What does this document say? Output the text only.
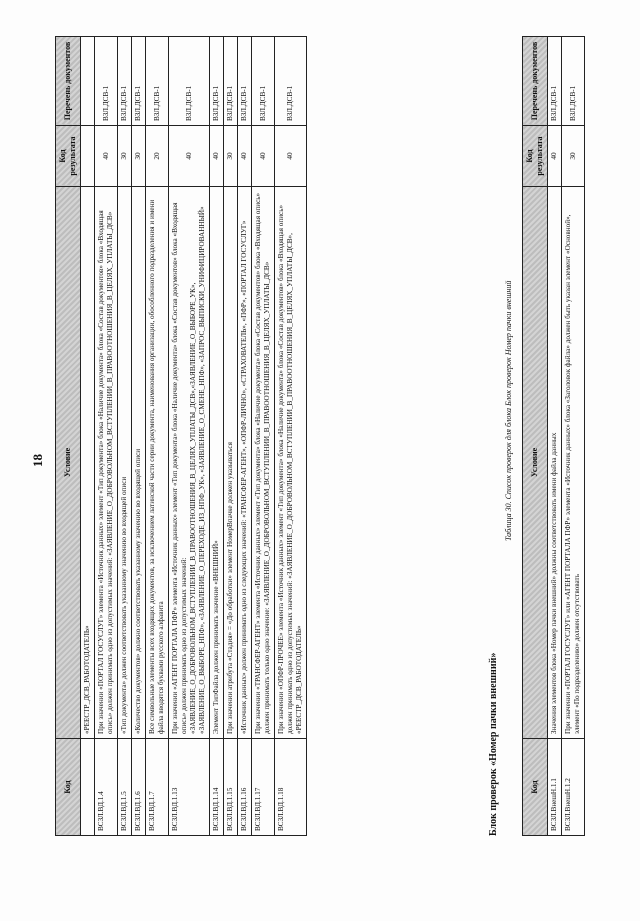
18
Код	Условие	Код результата	Перечень документов
	«РЕЕСТР_ДСВ_РАБОТОДАТЕЛЬ»		
ВСЗЛ.ВД.1.4	При значении «ПОРТАЛ ГОСУСЛУГ» элемента «Источник данных» элемент «Тип документа» блока «Наличие документа» блока «Состав документов» блока «Входящая опись» должен принимать одно из допустимых значений: «ЗАЯВЛЕНИЕ_О_ДОБРОВОЛЬНОМ_ВСТУПЛЕНИИ_В_ПРАВООТНОШЕНИЯ_В_ЦЕЛЯХ_УПЛАТЫ_ДСВ»	40	ВЗЛ.ДСВ-1
ВСЗЛ.ВД.1.5	«Тип документа» должен соответствовать указанному значению во входящей описи	30	ВЗЛ.ДСВ-1
ВСЗЛ.ВД.1.6	«Количество документов» должно соответствовать указанному значению во входящей описи	30	ВЗЛ.ДСВ-1
ВСЗЛ.ВД.1.7	Все символьные элементы всех входящих документов, за исключением латинской части серии документа, наименования организации, обособленного подразделения и имени файла вводятся буквами русского алфавита	20	ВЗЛ.ДСВ-1
ВСЗЛ.ВД.1.13	При значении «АГЕНТ ПОРТАЛА ПФР» элемента «Источник данных» элемент «Тип документа» блока «Наличие документа» блока «Состав документов» блока «Входящая опись» должен принимать одно из допустимых значений: «ЗАЯВЛЕНИЕ_О_ДОБРОВОЛЬНОМ_ВСТУПЛЕНИИ_В_ПРАВООТНОШЕНИЯ_В_ЦЕЛЯХ_УПЛАТЫ_ДСВ»,«ЗАЯВЛЕНИЕ_О_ВЫБОРЕ_УК», «ЗАЯВЛЕНИЕ_О_ВЫБОРЕ_НПФ», «ЗАЯВЛЕНИЕ_О_ПЕРЕХОДЕ_ИЗ_НПФ_УК», «ЗАЯВЛЕНИЕ_О_СМЕНЕ_НПФ», «ЗАПРОС_ВЫПИСКИ_УНИФИЦИРОВАННЫЙ»	40	ВЗЛ.ДСВ-1
ВСЗЛ.ВД.1.14	Элемент ТипФайла должен принимать значение «ВНЕШНИЙ»	40	ВЗЛ.ДСВ-1
ВСЗЛ.ВД.1.15	При значении атрибута «Стадия» = «До обработки» элемент НомерВпачке должен указываться	30	ВЗЛ.ДСВ-1
ВСЗЛ.ВД.1.16	«Источник данных» должен принимать одно из следующих значений: «ТРАНСФЕР-АГЕНТ», «ОПФР-ЛИЧНО», «СТРАХОВАТЕЛЬ», «ПФР», «ПОРТАЛ ГОСУСЛУГ»	40	ВЗЛ.ДСВ-1
ВСЗЛ.ВД.1.17	При значении «ТРАНСФЕР-АГЕНТ» элемента «Источник данных» элемент «Тип документа» блока «Наличие документа» блока «Состав документов» блока «Входящая опись» должен принимать только одно значение: «ЗАЯВЛЕНИЕ_О_ДОБРОВОЛЬНОМ_ВСТУПЛЕНИИ_В_ПРАВООТНОШЕНИЯ_В_ЦЕЛЯХ_УПЛАТЫ_ДСВ»	40	ВЗЛ.ДСВ-1
ВСЗЛ.ВД.1.18	При значении «ОПФР-ПРОЧЕЕ» элемента «Источник данных» элемент «Тип документа» блока «Наличие документа» блока «Состав документов» блока «Входящая опись» должен принимать одно из допустимых значений: «ЗАЯВЛЕНИЕ_О_ДОБРОВОЛЬНОМ_ВСТУПЛЕНИИ_В_ПРАВООТНОШЕНИЯ_В_ЦЕЛЯХ_УПЛАТЫ_ДСВ», «РЕЕСТР_ДСВ_РАБОТОДАТЕЛЬ»	40	ВЗЛ.ДСВ-1
Блок проверок «Номер пачки внешний»
Таблица 30. Список проверок для блока Блок проверок Номер пачки внешний
Код	Условие	Код результата	Перечень документов
ВСЗЛ.ВнешН.1.1	Значения элементов блока «Номер пачки внешний» должны соответствовать имени файла данных	40	ВЗЛ.ДСВ-1
ВСЗЛ.ВнешН.1.2	При значении «ПОРТАЛ ГОСУСЛУГ» или «АГЕНТ ПОРТАЛА ПФР» элемента «Источник данных» блока «Заголовок файла» должен быть указан элемент «Основной», элемент «По подразделению» должен отсутствовать	30	ВЗЛ.ДСВ-1
